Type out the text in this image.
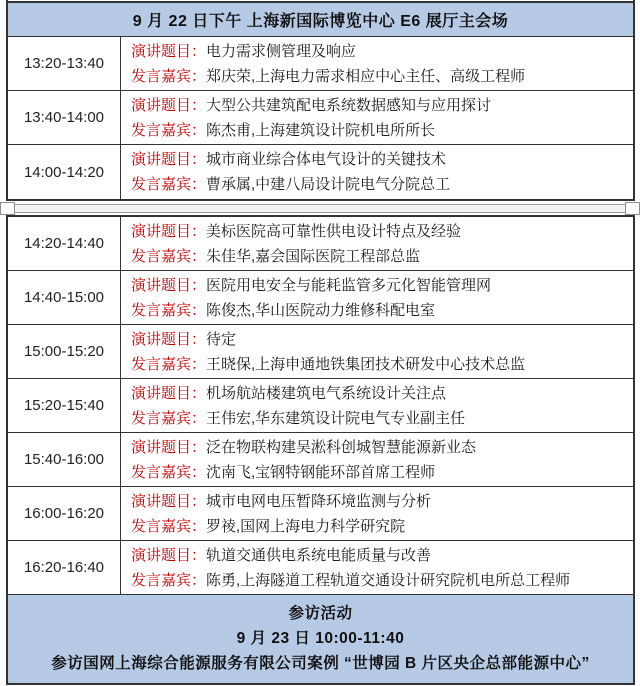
9 月 22 日下午 上海新国际博览中心 E6 展厅主会场
13:20-13:40
演讲题目：电力需求侧管理及响应
发言嘉宾：郑庆荣,上海电力需求相应中心主任、高级工程师
13:40-14:00
演讲题目：大型公共建筑配电系统数据感知与应用探讨
发言嘉宾：陈杰甫,上海建筑设计院机电所所长
14:00-14:20
演讲题目：城市商业综合体电气设计的关键技术
发言嘉宾：曹承属,中建八局设计院电气分院总工
14:20-14:40
演讲题目：美标医院高可靠性供电设计特点及经验
发言嘉宾：朱佳华,嘉会国际医院工程部总监
14:40-15:00
演讲题目：医院用电安全与能耗监管多元化智能管理网
发言嘉宾：陈俊杰,华山医院动力维修科配电室
15:00-15:20
演讲题目：待定
发言嘉宾：王晓保,上海申通地铁集团技术研发中心技术总监
15:20-15:40
演讲题目：机场航站楼建筑电气系统设计关注点
发言嘉宾：王伟宏,华东建筑设计院电气专业副主任
15:40-16:00
演讲题目：泛在物联构建吴淞科创城智慧能源新业态
发言嘉宾：沈南飞,宝钢特钢能环部首席工程师
16:00-16:20
演讲题目：城市电网电压暂降环境监测与分析
发言嘉宾：罗祾,国网上海电力科学研究院
16:20-16:40
演讲题目：轨道交通供电系统电能质量与改善
发言嘉宾：陈勇,上海隧道工程轨道交通设计研究院机电所总工程师
参访活动
9 月 23 日 10:00-11:40
参访国网上海综合能源服务有限公司案例 “世博园 B 片区央企总部能源中心”
